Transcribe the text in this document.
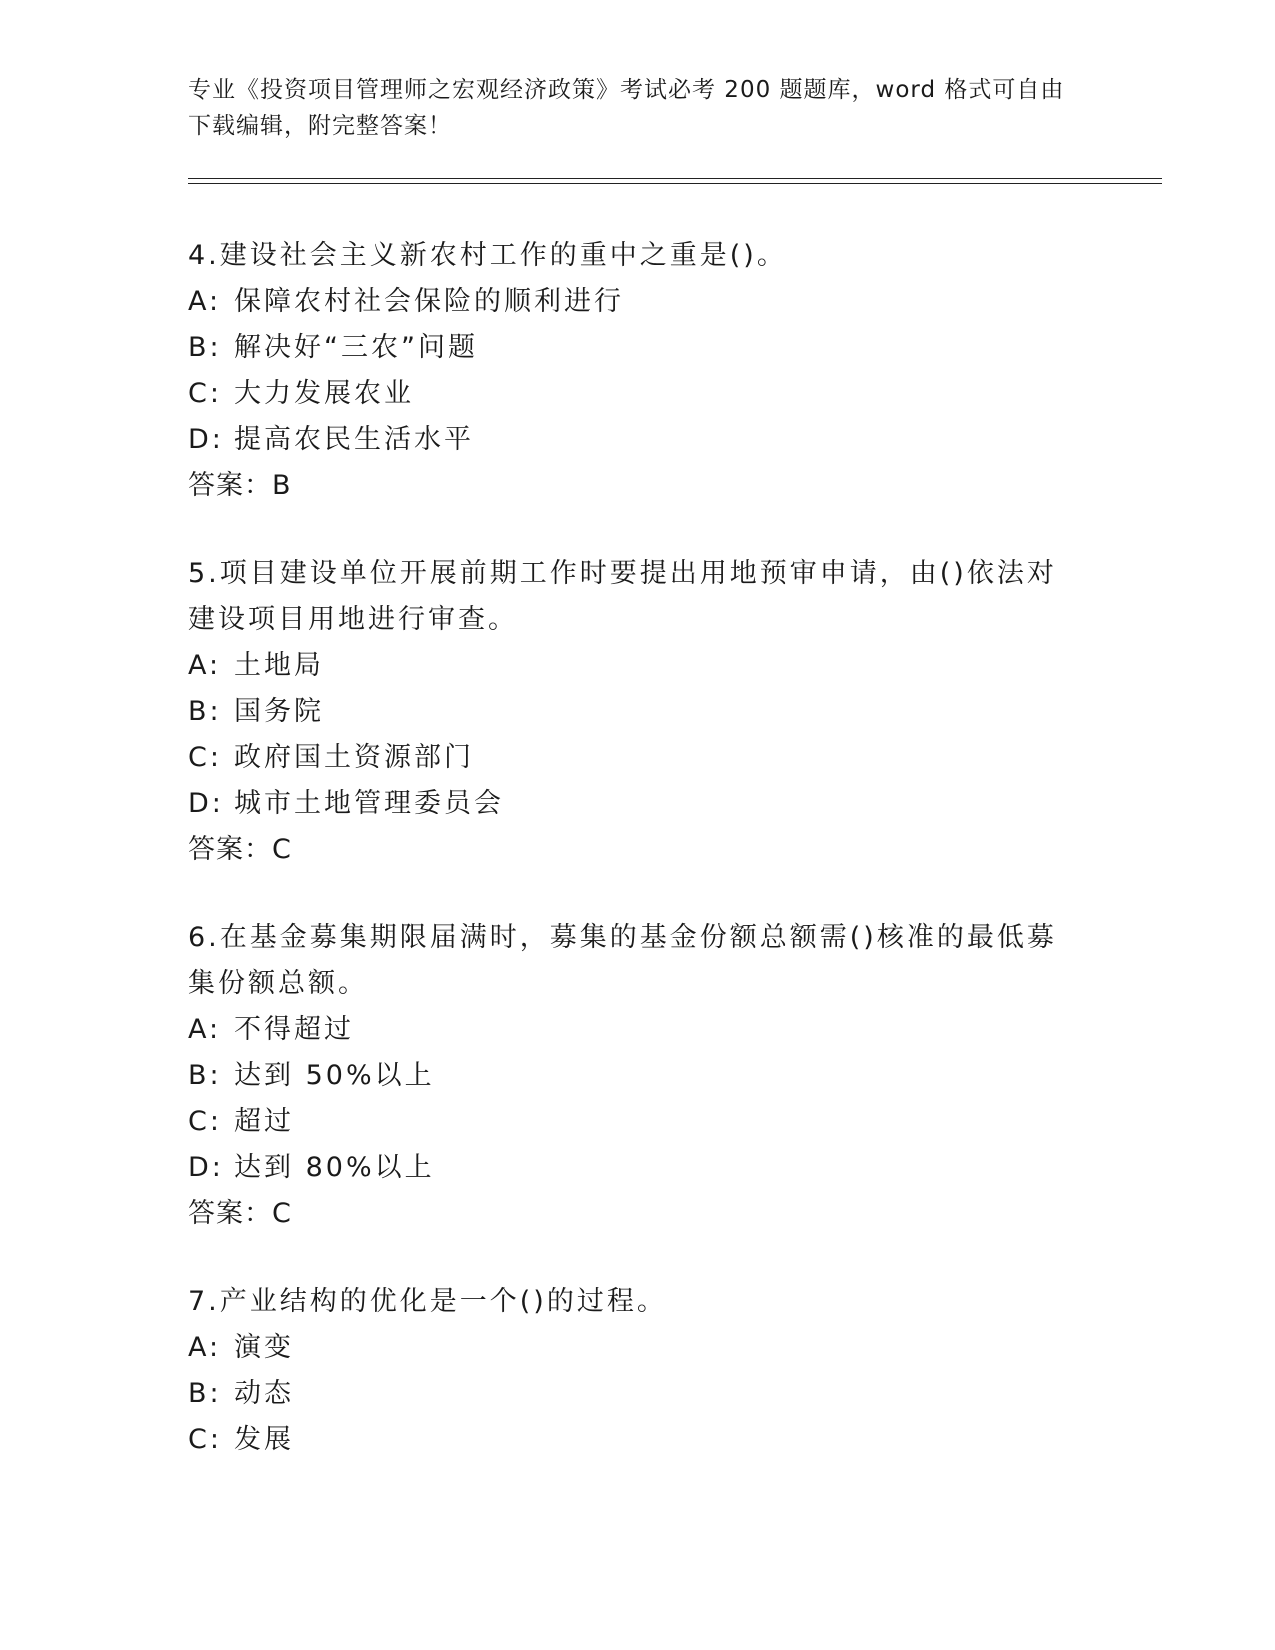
专业《投资项目管理师之宏观经济政策》考试必考 200 题题库，word 格式可自由下载编辑，附完整答案！
4.建设社会主义新农村工作的重中之重是()。
A: 保障农村社会保险的顺利进行
B: 解决好“三农”问题
C: 大力发展农业
D: 提高农民生活水平
答案：B
5.项目建设单位开展前期工作时要提出用地预审申请，由()依法对建设项目用地进行审查。
A: 土地局
B: 国务院
C: 政府国土资源部门
D: 城市土地管理委员会
答案：C
6.在基金募集期限届满时，募集的基金份额总额需()核准的最低募集份额总额。
A: 不得超过
B: 达到 50%以上
C: 超过
D: 达到 80%以上
答案：C
7.产业结构的优化是一个()的过程。
A: 演变
B: 动态
C: 发展
